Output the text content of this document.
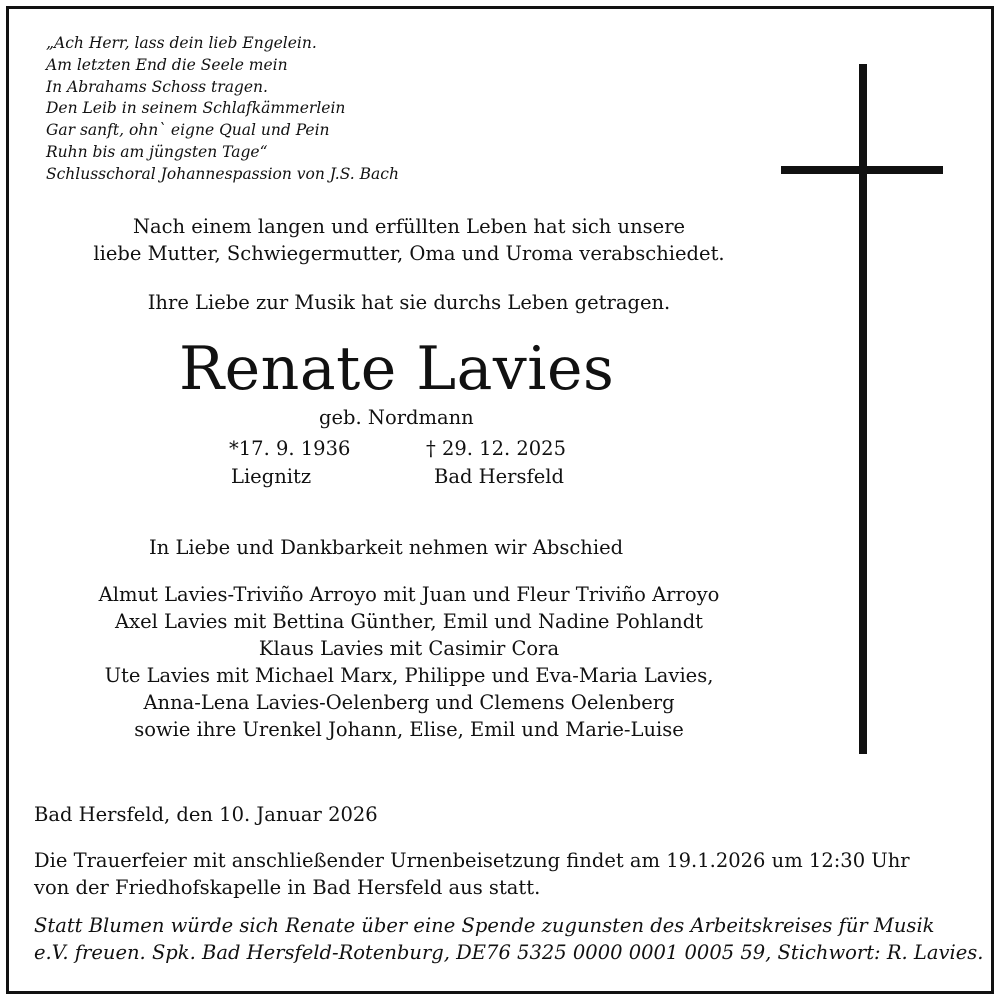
„Ach Herr, lass dein lieb Engelein.
Am letzten End die Seele mein
In Abrahams Schoss tragen.
Den Leib in seinem Schlafkämmerlein
Gar sanft, ohn` eigne Qual und Pein
Ruhn bis am jüngsten Tage“
Schlusschoral Johannespassion von J.S. Bach
Nach einem langen und erfüllten Leben hat sich unsere
liebe Mutter, Schwiegermutter, Oma und Uroma verabschiedet.
Ihre Liebe zur Musik hat sie durchs Leben getragen.
Renate Lavies
geb. Nordmann
*17. 9. 1936	† 29. 12. 2025
Liegnitz	Bad Hersfeld
In Liebe und Dankbarkeit nehmen wir Abschied
Almut Lavies-Triviño Arroyo mit Juan und Fleur Triviño Arroyo
Axel Lavies mit Bettina Günther, Emil und Nadine Pohlandt
Klaus Lavies mit Casimir Cora
Ute Lavies mit Michael Marx, Philippe und Eva-Maria Lavies,
Anna-Lena Lavies-Oelenberg und Clemens Oelenberg
sowie ihre Urenkel Johann, Elise, Emil und Marie-Luise
Bad Hersfeld, den 10. Januar 2026
Die Trauerfeier mit anschließender Urnenbeisetzung findet am 19.1.2026 um 12:30 Uhr
von der Friedhofskapelle in Bad Hersfeld aus statt.
Statt Blumen würde sich Renate über eine Spende zugunsten des Arbeitskreises für Musik
e.V. freuen. Spk. Bad Hersfeld-Rotenburg, DE76 5325 0000 0001 0005 59, Stichwort: R. Lavies.
